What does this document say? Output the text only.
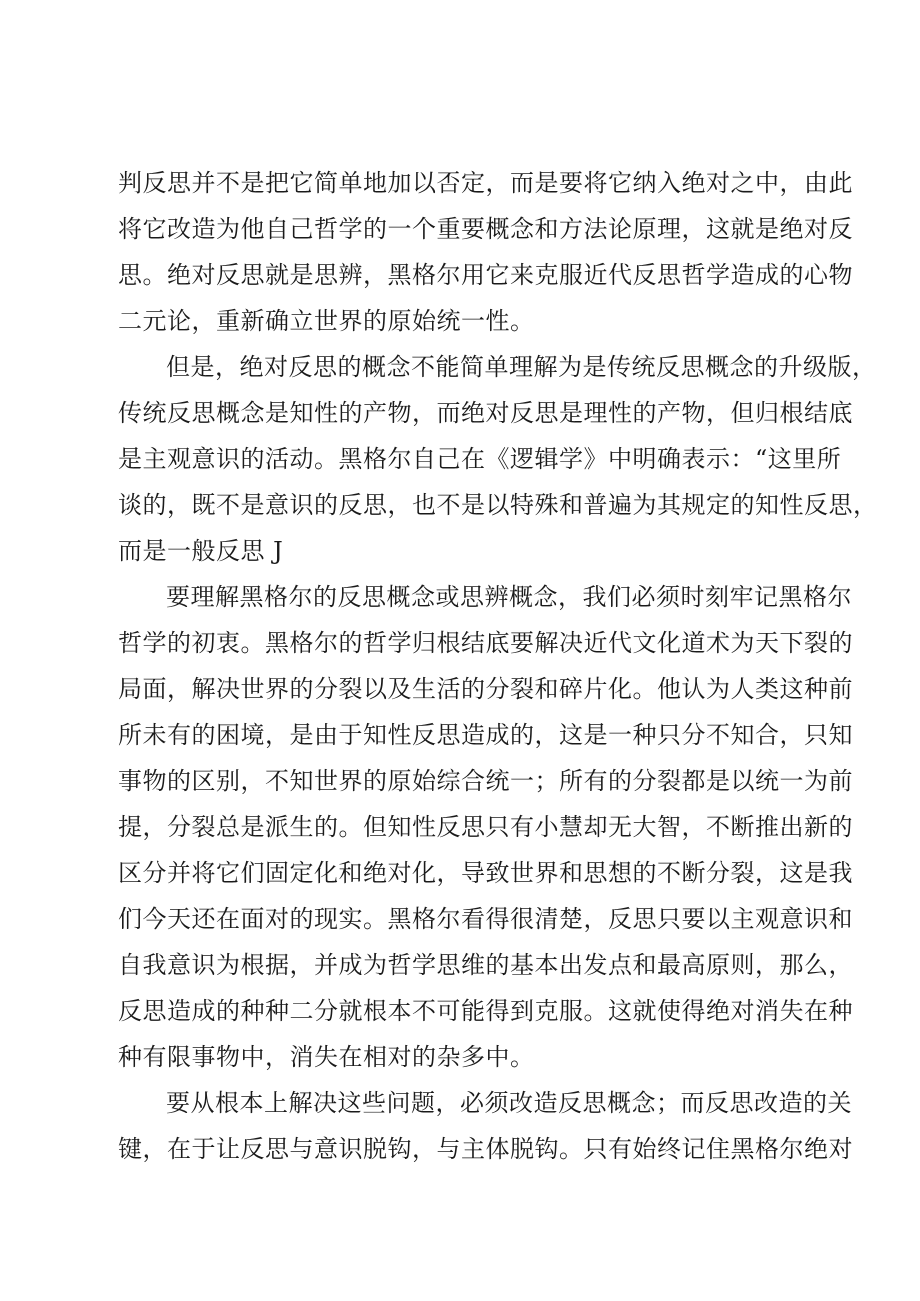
判反思并不是把它简单地加以否定，而是要将它纳入绝对之中，由此
将它改造为他自己哲学的一个重要概念和方法论原理，这就是绝对反
思。绝对反思就是思辨，黑格尔用它来克服近代反思哲学造成的心物
二元论，重新确立世界的原始统一性。
但是，绝对反思的概念不能简单理解为是传统反思概念的升级版，
传统反思概念是知性的产物，而绝对反思是理性的产物，但归根结底
是主观意识的活动。黑格尔自己在《逻辑学》中明确表示：“这里所
谈的，既不是意识的反思，也不是以特殊和普遍为其规定的知性反思，
而是一般反思 J
要理解黑格尔的反思概念或思辨概念，我们必须时刻牢记黑格尔
哲学的初衷。黑格尔的哲学归根结底要解决近代文化道术为天下裂的
局面，解决世界的分裂以及生活的分裂和碎片化。他认为人类这种前
所未有的困境，是由于知性反思造成的，这是一种只分不知合，只知
事物的区别，不知世界的原始综合统一；所有的分裂都是以统一为前
提，分裂总是派生的。但知性反思只有小慧却无大智，不断推出新的
区分并将它们固定化和绝对化，导致世界和思想的不断分裂，这是我
们今天还在面对的现实。黑格尔看得很清楚，反思只要以主观意识和
自我意识为根据，并成为哲学思维的基本出发点和最高原则，那么，
反思造成的种种二分就根本不可能得到克服。这就使得绝对消失在种
种有限事物中，消失在相对的杂多中。
要从根本上解决这些问题，必须改造反思概念；而反思改造的关
键，在于让反思与意识脱钩，与主体脱钩。只有始终记住黑格尔绝对
